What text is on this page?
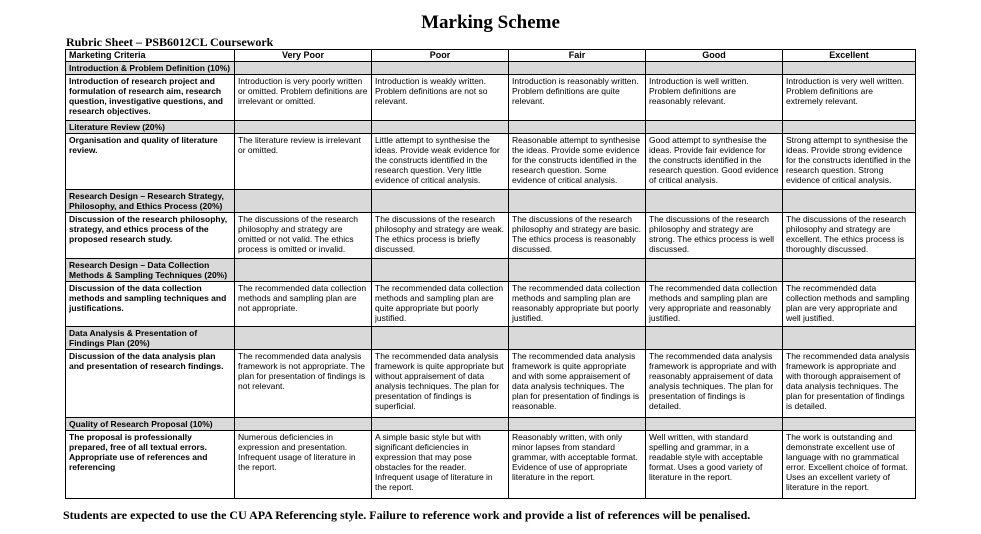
Marking Scheme
Rubric Sheet – PSB6012CL Coursework
Marketing Criteria	Very Poor	Poor	Fair	Good	Excellent
Introduction & Problem Definition (10%)					
Introduction of research project and formulation of research aim, research question, investigative questions, and research objectives.	Introduction is very poorly written or omitted. Problem definitions are irrelevant or omitted.	Introduction is weakly written. Problem definitions are not so relevant.	Introduction is reasonably written. Problem definitions are quite relevant.	Introduction is well written. Problem definitions are reasonably relevant.	Introduction is very well written. Problem definitions are extremely relevant.
Literature Review (20%)					
Organisation and quality of literature review.	The literature review is irrelevant or omitted.	Little attempt to synthesise the ideas. Provide weak evidence for the constructs identified in the research question. Very little evidence of critical analysis.	Reasonable attempt to synthesise the ideas. Provide some evidence for the constructs identified in the research question. Some evidence of critical analysis.	Good attempt to synthesise the ideas. Provide fair evidence for the constructs identified in the research question. Good evidence of critical analysis.	Strong attempt to synthesise the ideas. Provide strong evidence for the constructs identified in the research question. Strong evidence of critical analysis.
Research Design – Research Strategy, Philosophy, and Ethics Process (20%)					
Discussion of the research philosophy, strategy, and ethics process of the proposed research study.	The discussions of the research philosophy and strategy are omitted or not valid. The ethics process is omitted or invalid.	The discussions of the research philosophy and strategy are weak. The ethics process is briefly discussed.	The discussions of the research philosophy and strategy are basic. The ethics process is reasonably discussed.	The discussions of the research philosophy and strategy are strong. The ethics process is well discussed.	The discussions of the research philosophy and strategy are excellent. The ethics process is thoroughly discussed.
Research Design – Data Collection Methods & Sampling Techniques (20%)					
Discussion of the data collection methods and sampling techniques and justifications.	The recommended data collection methods and sampling plan are not appropriate.	The recommended data collection methods and sampling plan are quite appropriate but poorly justified.	The recommended data collection methods and sampling plan are reasonably appropriate but poorly justified.	The recommended data collection methods and sampling plan are very appropriate and reasonably justified.	The recommended data collection methods and sampling plan are very appropriate and well justified.
Data Analysis & Presentation of Findings Plan (20%)					
Discussion of the data analysis plan and presentation of research findings.	The recommended data analysis framework is not appropriate. The plan for presentation of findings is not relevant.	The recommended data analysis framework is quite appropriate but without appraisement of data analysis techniques. The plan for presentation of findings is superficial.	The recommended data analysis framework is quite appropriate and with some appraisement of data analysis techniques. The plan for presentation of findings is reasonable.	The recommended data analysis framework is appropriate and with reasonably appraisement of data analysis techniques. The plan for presentation of findings is detailed.	The recommended data analysis framework is appropriate and with thorough appraisement of data analysis techniques. The plan for presentation of findings is detailed.
Quality of Research Proposal (10%)					
The proposal is professionally prepared, free of all textual errors. Appropriate use of references and referencing	Numerous deficiencies in expression and presentation. Infrequent usage of literature in the report.	A simple basic style but with significant deficiencies in expression that may pose obstacles for the reader. Infrequent usage of literature in the report.	Reasonably written, with only minor lapses from standard grammar, with acceptable format. Evidence of use of appropriate literature in the report.	Well written, with standard spelling and grammar, in a readable style with acceptable format. Uses a good variety of literature in the report.	The work is outstanding and demonstrate excellent use of language with no grammatical error. Excellent choice of format. Uses an excellent variety of literature in the report.
Students are expected to use the CU APA Referencing style. Failure to reference work and provide a list of references will be penalised.
